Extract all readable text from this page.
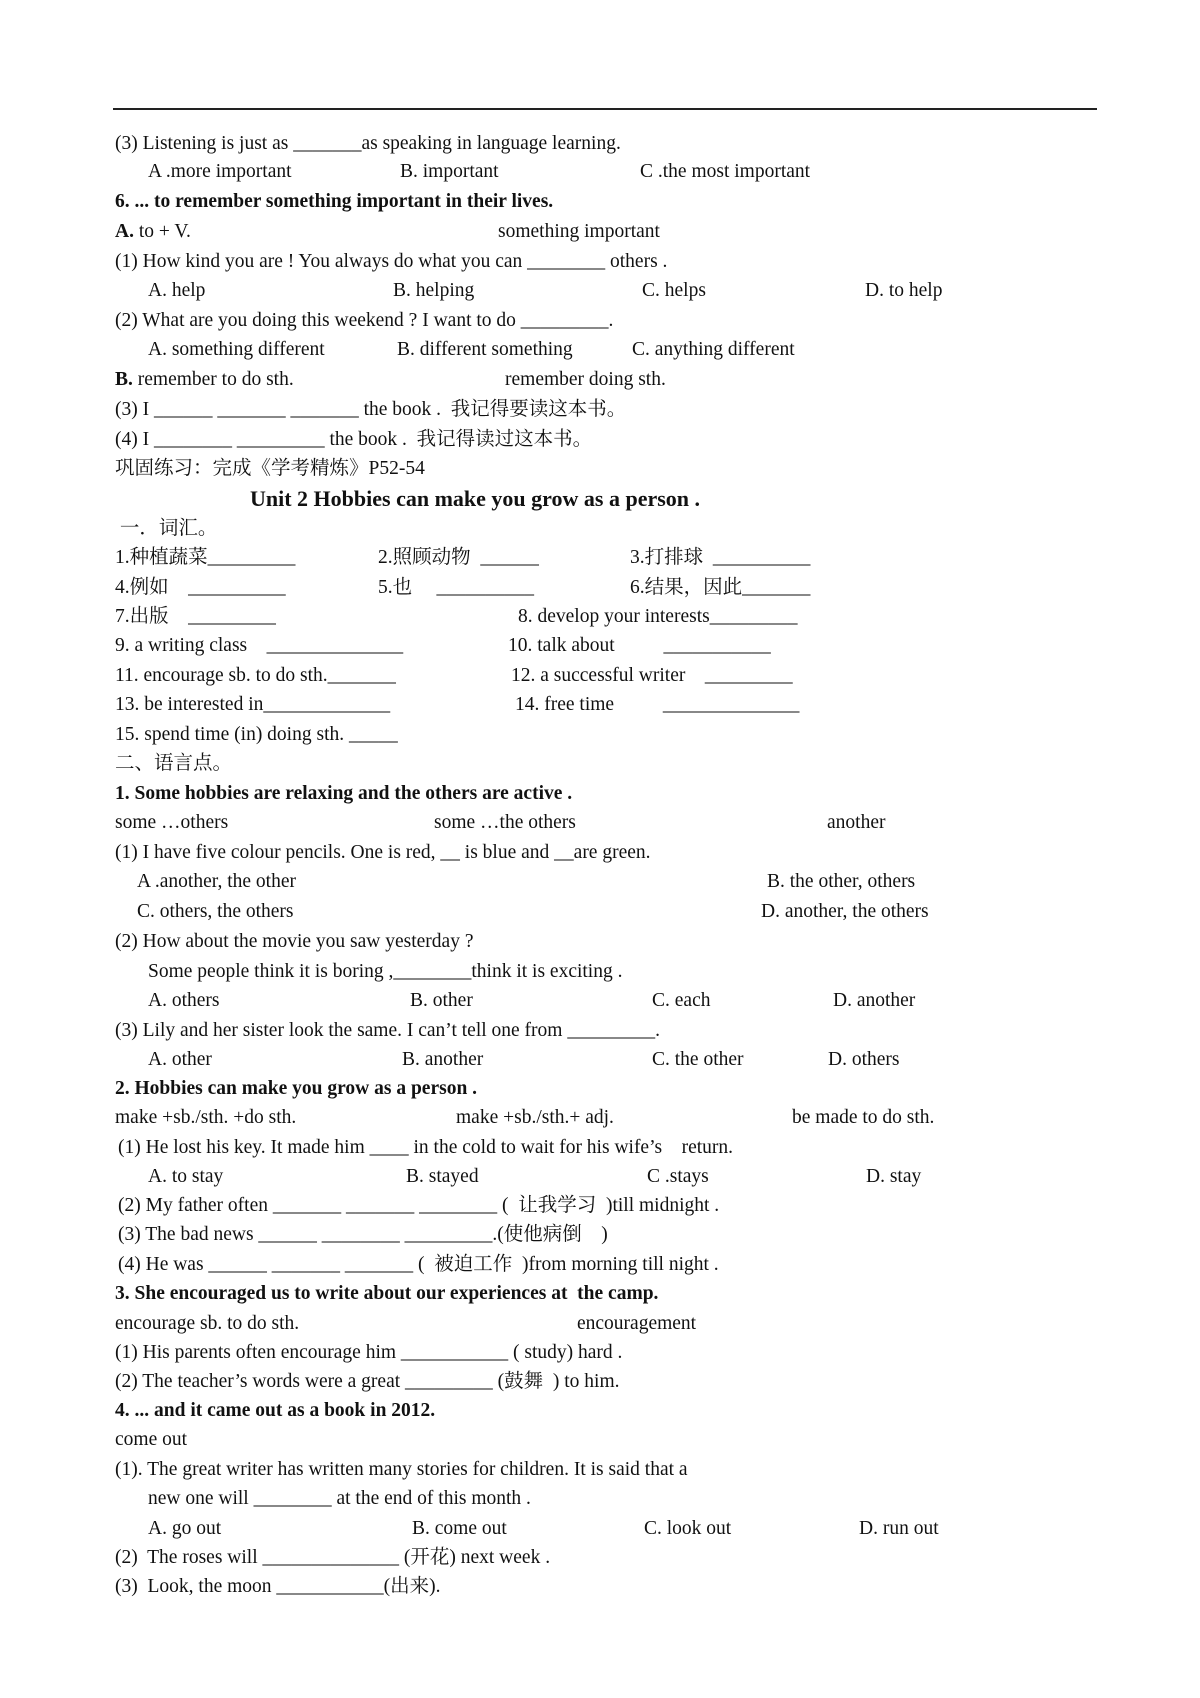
(3) Listening is just as _______as speaking in language learning.
A .more important	B. important	C .the most important
6. ... to remember something important in their lives.
A. to + V.	something important
(1) How kind you are ! You always do what you can ________ others .
A. help	B. helping	C. helps	D. to help
(2) What are you doing this weekend ? I want to do _________.
A. something different	B. different something	C. anything different
B. remember to do sth.	remember doing sth.
(3) I ______ _______ _______ the book .  我记得要读这本书。
(4) I ________ _________ the book .  我记得读过这本书。
巩固练习：完成《学考精炼》P52-54
Unit 2 Hobbies can make you grow as a person .
一．词汇。
1.种植蔬菜_________	2.照顾动物  ______	3.打排球  __________
4.例如    __________	5.也     __________	6.结果，因此_______
7.出版    _________	8. develop your interests_________
9. a writing class    ______________	10. talk about          ___________
11. encourage sb. to do sth._______	12. a successful writer    _________
13. be interested in_____________	14. free time          ______________
15. spend time (in) doing sth. _____
二、语言点。
1. Some hobbies are relaxing and the others are active .
some …others	some …the others	another
(1) I have five colour pencils. One is red, __ is blue and __are green.
A .another, the other	B. the other, others
C. others, the others	D. another, the others
(2) How about the movie you saw yesterday ?
Some people think it is boring ,________think it is exciting .
A. others	B. other	C. each	D. another
(3) Lily and her sister look the same. I can’t tell one from _________.
A. other	B. another	C. the other	D. others
2. Hobbies can make you grow as a person .
make +sb./sth. +do sth.	make +sb./sth.+ adj.	be made to do sth.
(1) He lost his key. It made him ____ in the cold to wait for his wife’s    return.
A. to stay	B. stayed	C .stays	D. stay
(2) My father often _______ _______ ________ (  让我学习  )till midnight .
(3) The bad news ______ ________ _________.(使他病倒    )
(4) He was ______ _______ _______ (  被迫工作  )from morning till night .
3. She encouraged us to write about our experiences at  the camp.
encourage sb. to do sth.	encouragement
(1) His parents often encourage him ___________ ( study) hard .
(2) The teacher’s words were a great _________ (鼓舞  ) to him.
4. ... and it came out as a book in 2012.
come out
(1). The great writer has written many stories for children. It is said that a
new one will ________ at the end of this month .
A. go out	B. come out	C. look out	D. run out
(2)  The roses will ______________ (开花) next week .
(3)  Look, the moon ___________(出来).
